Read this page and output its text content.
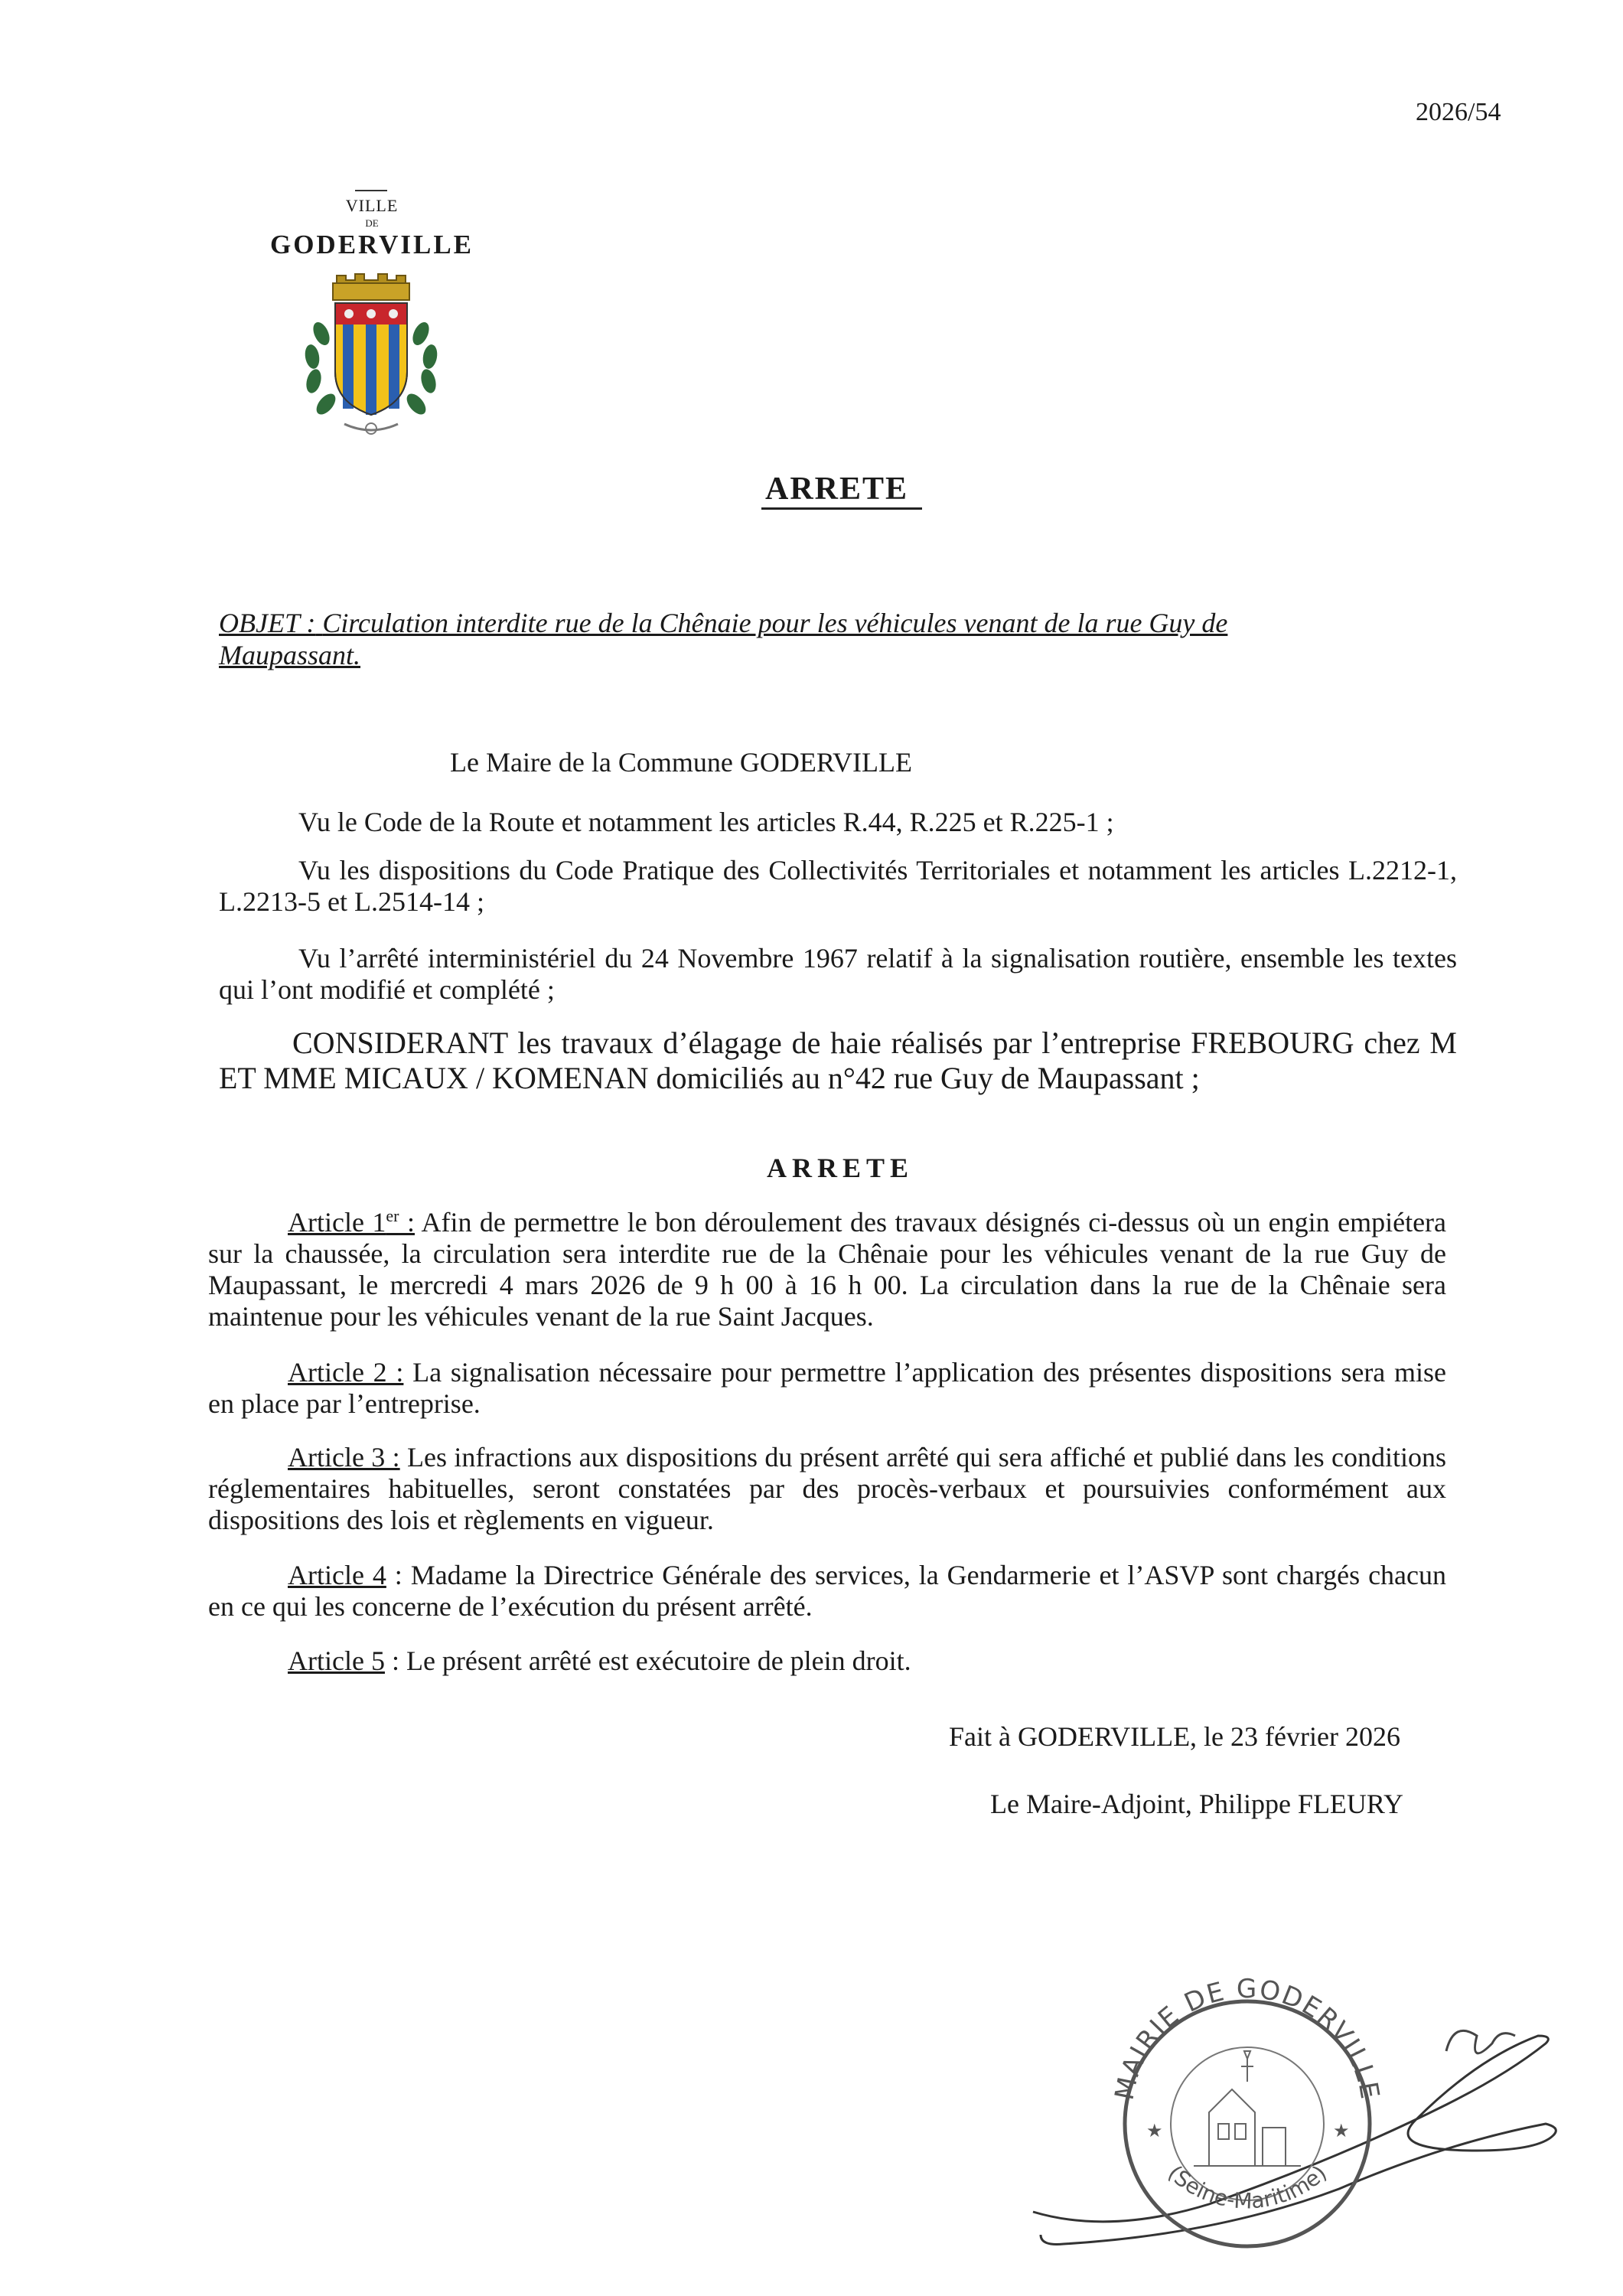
2026/54
VILLE
DE
GODERVILLE
ARRETE
OBJET : Circulation interdite rue de la Chênaie pour les véhicules venant de la rue Guy de
Maupassant.
Le Maire de la Commune GODERVILLE
Vu le Code de la Route et notamment les articles R.44, R.225 et R.225-1 ;
Vu les dispositions du Code Pratique des Collectivités Territoriales et notamment les articles L.2212-1, L.2213-5 et L.2514-14 ;
Vu l’arrêté interministériel du 24 Novembre 1967 relatif à la signalisation routière, ensemble les textes qui l’ont modifié et complété ;
CONSIDERANT les travaux d’élagage de haie réalisés par l’entreprise FREBOURG chez M ET MME MICAUX / KOMENAN domiciliés au n°42 rue Guy de Maupassant ;
ARRETE
Article 1er : Afin de permettre le bon déroulement des travaux désignés ci-dessus où un engin empiétera sur la chaussée, la circulation sera interdite rue de la Chênaie pour les véhicules venant de la rue Guy de Maupassant, le mercredi 4 mars 2026 de 9 h 00 à 16 h 00. La circulation dans la rue de la Chênaie sera maintenue pour les véhicules venant de la rue Saint Jacques.
Article 2 : La signalisation nécessaire pour permettre l’application des présentes dispositions sera mise en place par l’entreprise.
Article 3 : Les infractions aux dispositions du présent arrêté qui sera affiché et publié dans les conditions réglementaires habituelles, seront constatées par des procès-verbaux et poursuivies conformément aux dispositions des lois et règlements en vigueur.
Article 4 : Madame la Directrice Générale des services, la Gendarmerie et l’ASVP sont chargés chacun en ce qui les concerne de l’exécution du présent arrêté.
Article 5 : Le présent arrêté est exécutoire de plein droit.
Fait à GODERVILLE, le 23 février 2026
Le Maire-Adjoint, Philippe FLEURY
MAIRIE DE GODERVILLE
(Seine-Maritime)
★	★
